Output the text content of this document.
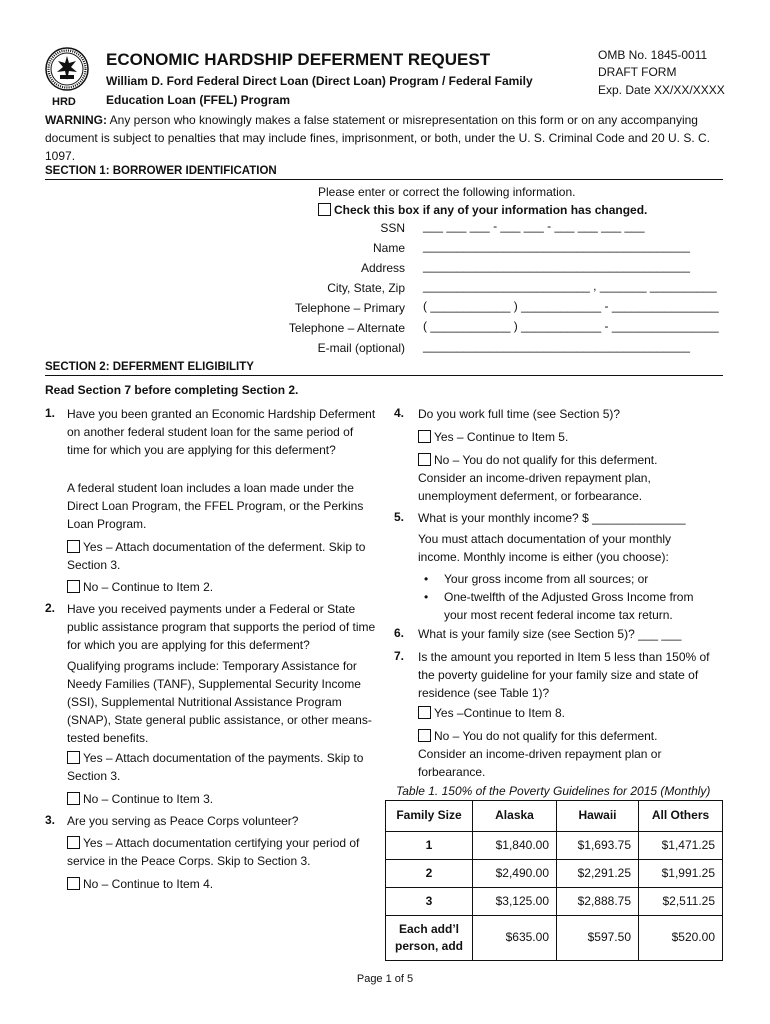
HRD
ECONOMIC HARDSHIP DEFERMENT REQUEST
William D. Ford Federal Direct Loan (Direct Loan) Program / Federal Family
Education Loan (FFEL) Program
OMB No. 1845-0011
DRAFT FORM
Exp. Date XX/XX/XXXX
WARNING: Any person who knowingly makes a false statement or misrepresentation on this form or on any accompanying document is subject to penalties that may include fines, imprisonment, or both, under the U. S. Criminal Code and 20 U. S. C. 1097.
SECTION 1: BORROWER IDENTIFICATION
Please enter or correct the following information.
Check this box if any of your information has changed.
SSN ___ ___ ___ - ___ ___ - ___ ___ ___ ___
Name ________________________________________
Address ________________________________________
City, State, Zip _________________________ , _______ __________
Telephone – Primary ( ____________ ) ____________ - ________________
Telephone – Alternate ( ____________ ) ____________ - ________________
E-mail (optional) ________________________________________
SECTION 2: DEFERMENT ELIGIBILITY
Read Section 7 before completing Section 2.
1. Have you been granted an Economic Hardship Deferment on another federal student loan for the same period of time for which you are applying for this deferment?
A federal student loan includes a loan made under the Direct Loan Program, the FFEL Program, or the Perkins Loan Program.
Yes – Attach documentation of the deferment. Skip to Section 3.
No – Continue to Item 2.
2. Have you received payments under a Federal or State public assistance program that supports the period of time for which you are applying for this deferment?
Qualifying programs include: Temporary Assistance for Needy Families (TANF), Supplemental Security Income (SSI), Supplemental Nutritional Assistance Program (SNAP), State general public assistance, or other means-tested benefits.
Yes – Attach documentation of the payments. Skip to Section 3.
No – Continue to Item 3.
3. Are you serving as Peace Corps volunteer?
Yes – Attach documentation certifying your period of service in the Peace Corps. Skip to Section 3.
No – Continue to Item 4.
4. Do you work full time (see Section 5)?
Yes – Continue to Item 5.
No – You do not qualify for this deferment. Consider an income-driven repayment plan, unemployment deferment, or forbearance.
5. What is your monthly income? $ ______________
You must attach documentation of your monthly income. Monthly income is either (you choose):
• Your gross income from all sources; or
• One-twelfth of the Adjusted Gross Income from your most recent federal income tax return.
6. What is your family size (see Section 5)? ___ ___
7. Is the amount you reported in Item 5 less than 150% of the poverty guideline for your family size and state of residence (see Table 1)?
Yes –Continue to Item 8.
No – You do not qualify for this deferment. Consider an income-driven repayment plan or forbearance.
Table 1. 150% of the Poverty Guidelines for 2015 (Monthly)
Family Size	Alaska	Hawaii	All Others
1	$1,840.00	$1,693.75	$1,471.25
2	$2,490.00	$2,291.25	$1,991.25
3	$3,125.00	$2,888.75	$2,511.25
Each add’l person, add	$635.00	$597.50	$520.00
Page 1 of 5
